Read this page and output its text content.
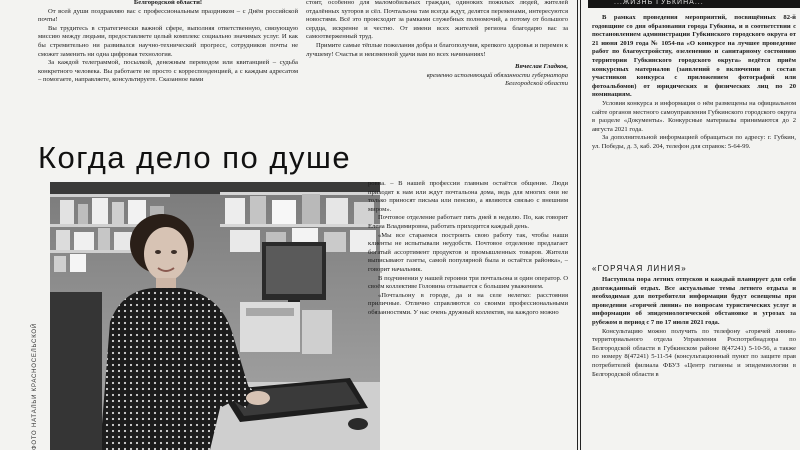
Белгородской области!

От всей души поздравляю вас с профессиональным праздником – с Днём российской почты!

Вы трудитесь в стратегически важной сфере, выполняя ответственную, связующую миссию между людьми, предоставляете целый комплекс социально значимых услуг. И как бы стремительно ни развивался научно-технический прогресс, сотрудников почты не сможет заменить ни одна цифровая технология.

За каждой телеграммой, посылкой, денежным переводом или квитанцией – судьба конкретного человека. Вы работаете не просто с корреспонденцией, а с каждым адресатом – помогаете, направляете, консультируете. Сказанное вами

стоит, особенно для маломобильных граждан, одиноких пожилых людей, жителей отдалённых хуторов и сёл. Почтальона там всегда ждут, делятся переменами, интересуются новостями. Всё это происходит за рамками служебных полномочий, а потому от большого сердца, искренне и честно. От имени всех жителей региона благодарю вас за самоотверженный труд.

Примите самые тёплые пожелания добра и благополучия, крепкого здоровья и перемен к лучшему! Счастья и неизменной удачи вам во всех начинаниях!

Вячеслав Гладков,

временно исполняющий обязанности губернатора

Белгородской области

Когда дело по душе
ФОТО НАТАЛЬИ КРАСНОСЕЛЬСКОЙ

ровна. – В нашей профессии главным остаётся общение. Люди приходят к нам или ждут почтальона дома, ведь для многих они не только приносят письма или пенсию, а являются связью с внешним миром».

Почтовое отделение работает пять дней в неделю. По, как говорит Елена Владимировна, работать приходится каждый день.

«Мы все стараемся построить свою работу так, чтобы наши клиенты не испытывали неудобств. Почтовое отделение предлагает богатый ассортимент продуктов и промышленных товаров. Жители выписывают газеты, самой популярной была и остаётся районка», – говорит начальник.

В подчинении у нашей героини три почтальона и один оператор. О своём коллективе Головина отзывается с большим уважением.

«Почтальону в городе, да и на селе нелегко: расстояния приличные. Отлично справляются со своими профессиональными обязанностями. У нас очень дружный коллектив, на каждого можно

...ЖИЗНЬ ГУБКИНА...

В рамках проведения мероприятий, посвящённых 82-й годовщине со дня образования города Губкина, и в соответствии с постановлением администрации Губкинского городского округа от 21 июня 2019 года № 1054-па «О конкурсе на лучшее проведение работ по благоустройству, озеленению и санитарному состоянию территории Губкинского городского округа» ведётся приём конкурсных материалов (заявлений о включении в состав участников конкурса с приложением фотографий или фотоальбомов) от юридических и физических лиц по 20 номинациям.

Условия конкурса и информация о нём размещены на официальном сайте органов местного самоуправления Губкинского городского округа в разделе «Документы». Конкурсные материалы принимаются до 2 августа 2021 года.

За дополнительной информацией обращаться по адресу: г. Губкин, ул. Победы, д. 3, каб. 204, телефон для справок: 5-64-99.

«ГОРЯЧАЯ ЛИНИЯ»

Наступила пора летних отпусков и каждый планирует для себя долгожданный отдых. Все актуальные темы летнего отдыха и необходимая для потребителя информация будут освещены при проведении «горячей линии» по вопросам туристических услуг и информации об эпидемиологической обстановке и угрозах за рубежом в период с 7 по 17 июля 2021 года.

Консультацию можно получить по телефону «горячей линии» территориального отдела Управления Роспотребнадзора по Белгородской области в Губкинском районе 8(47241) 5-10-56, а также по номеру 8(47241) 5-11-54 (консультационный пункт по защите прав потребителей филиала ФБУЗ «Центр гигиены и эпидемиологии в Белгородской области в
